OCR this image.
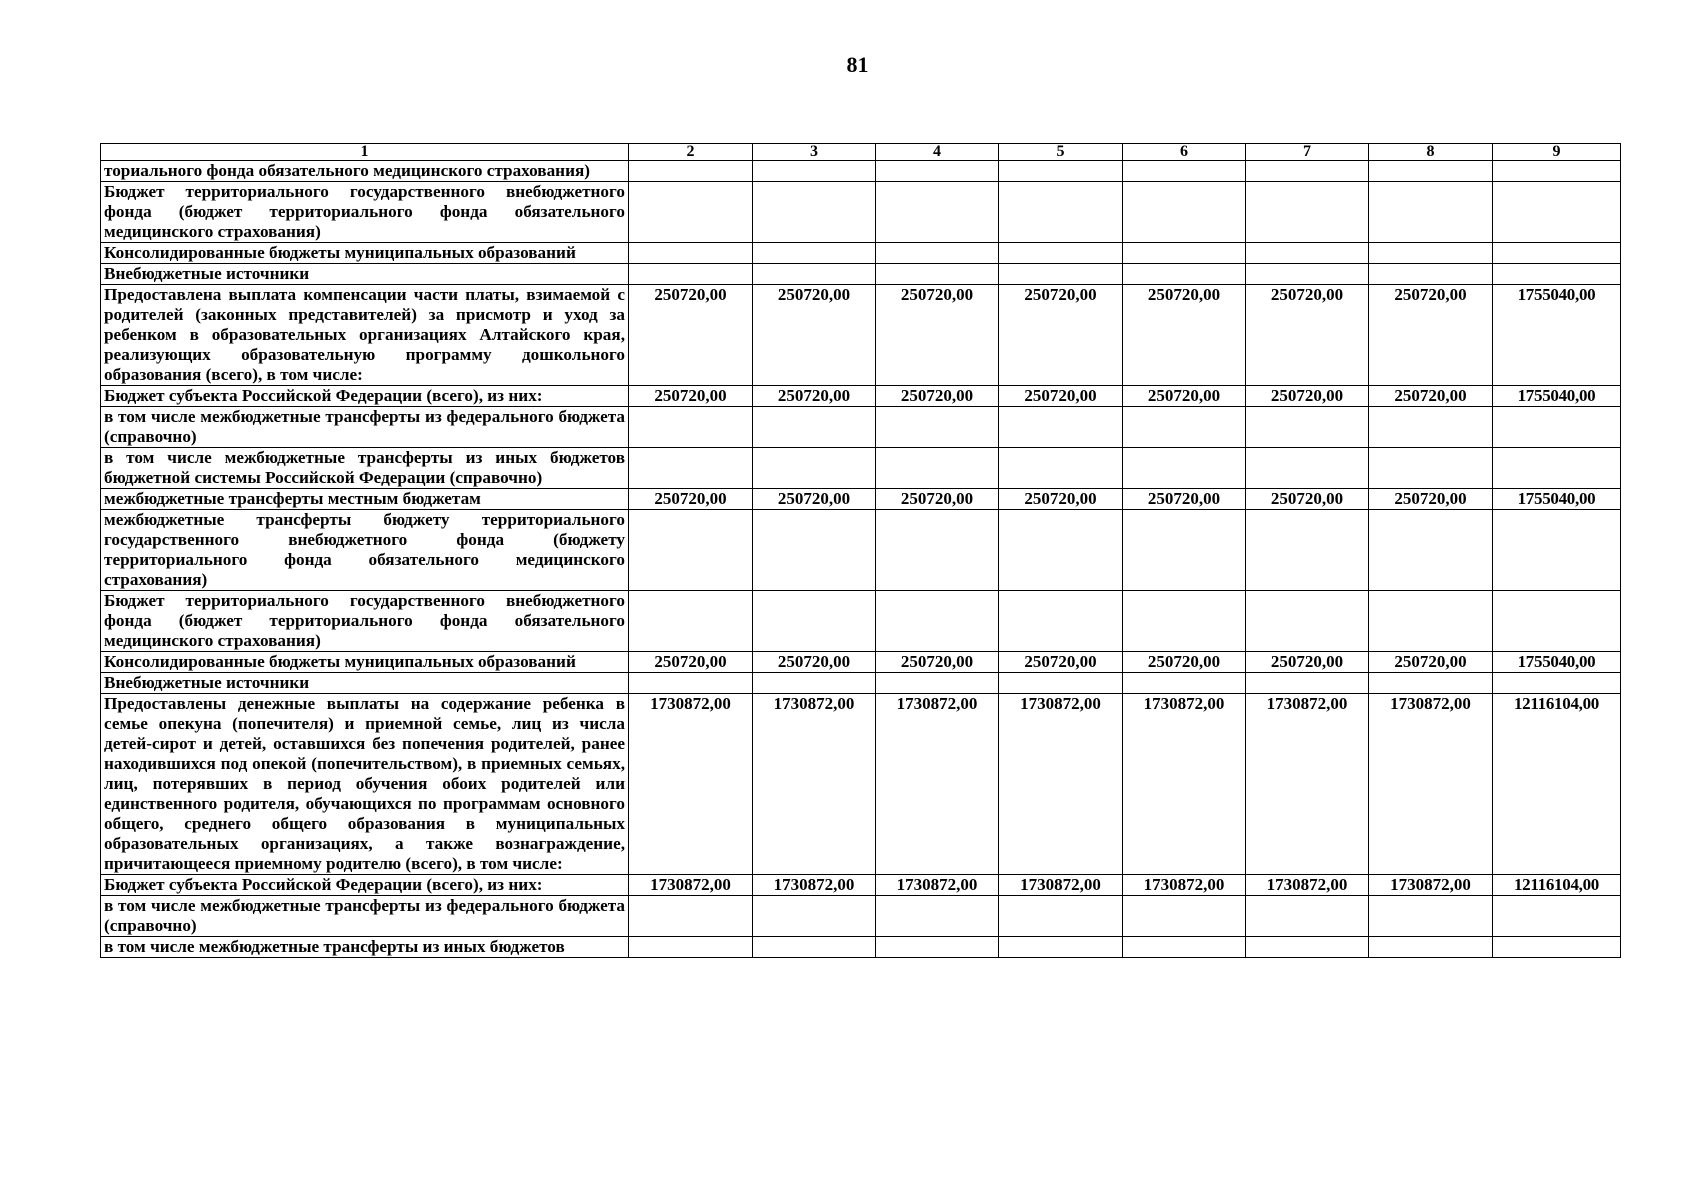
81
1	2	3	4	5	6	7	8	9
ториального фонда обязательного медицинского страхования)								
Бюджет территориального государственного внебюджетного фонда (бюджет территориального фонда обязательного медицинского страхования)								
Консолидированные бюджеты муниципальных образований								
Внебюджетные источники								
Предоставлена выплата компенсации части платы, взимаемой с родителей (законных представителей) за присмотр и уход за ребенком в образовательных организациях Алтайского края, реализующих образовательную программу дошкольного образования (всего), в том числе:	250720,00	250720,00	250720,00	250720,00	250720,00	250720,00	250720,00	1755040,00
Бюджет субъекта Российской Федерации (всего), из них:	250720,00	250720,00	250720,00	250720,00	250720,00	250720,00	250720,00	1755040,00
в том числе межбюджетные трансферты из федерального бюджета (справочно)								
в том числе межбюджетные трансферты из иных бюджетов бюджетной системы Российской Федерации (справочно)								
межбюджетные трансферты местным бюджетам	250720,00	250720,00	250720,00	250720,00	250720,00	250720,00	250720,00	1755040,00
межбюджетные трансферты бюджету территориального государственного внебюджетного фонда (бюджету территориального фонда обязательного медицинского страхования)								
Бюджет территориального государственного внебюджетного фонда (бюджет территориального фонда обязательного медицинского страхования)								
Консолидированные бюджеты муниципальных образований	250720,00	250720,00	250720,00	250720,00	250720,00	250720,00	250720,00	1755040,00
Внебюджетные источники								
Предоставлены денежные выплаты на содержание ребенка в семье опекуна (попечителя) и приемной семье, лиц из числа детей-сирот и детей, оставшихся без попечения родителей, ранее находившихся под опекой (попечительством), в приемных семьях, лиц, потерявших в период обучения обоих родителей или единственного родителя, обучающихся по программам основного общего, среднего общего образования в муниципальных образовательных организациях, а также вознаграждение, причитающееся приемному родителю (всего), в том числе:	1730872,00	1730872,00	1730872,00	1730872,00	1730872,00	1730872,00	1730872,00	12116104,00
Бюджет субъекта Российской Федерации (всего), из них:	1730872,00	1730872,00	1730872,00	1730872,00	1730872,00	1730872,00	1730872,00	12116104,00
в том числе межбюджетные трансферты из федерального бюджета (справочно)								
в том числе межбюджетные трансферты из иных бюджетов								
